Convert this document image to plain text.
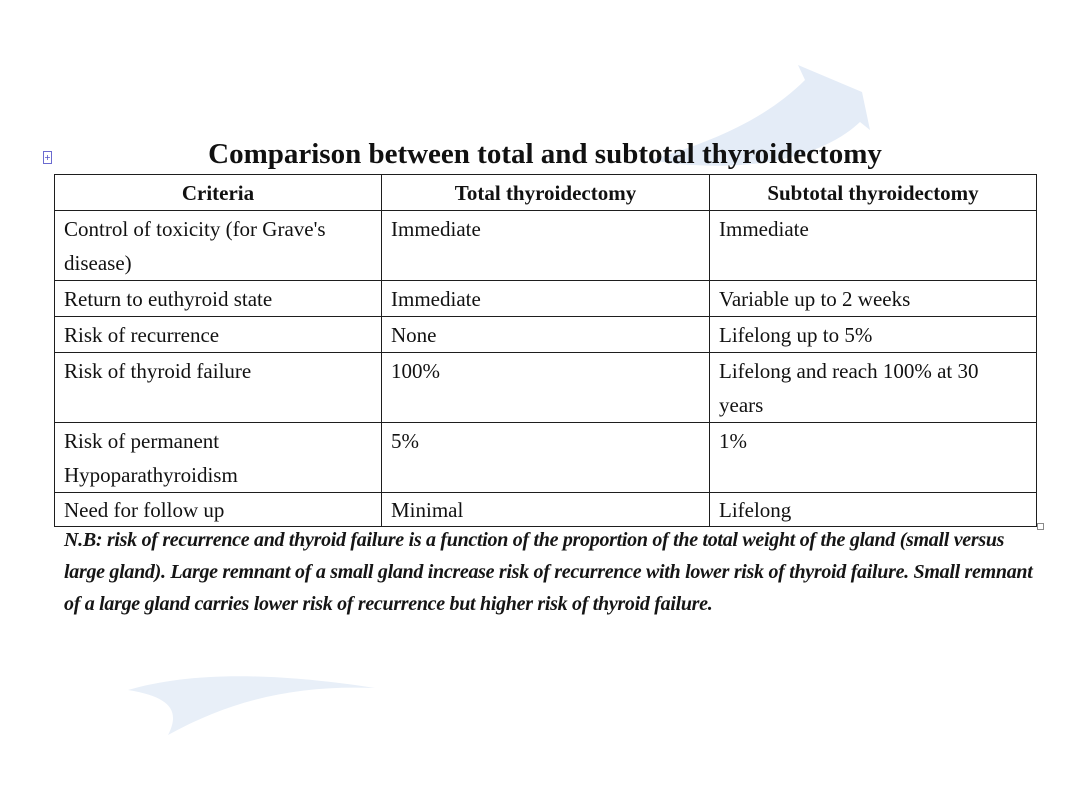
+	Comparison between total and subtotal thyroidectomy
Criteria	Total thyroidectomy	Subtotal thyroidectomy
Control of toxicity (for Grave's disease)	Immediate	Immediate
Return to euthyroid state	Immediate	Variable up to 2 weeks
Risk of recurrence	None	Lifelong up to 5%
Risk of thyroid failure	100%	Lifelong and reach 100% at 30 years
Risk of permanent Hypoparathyroidism	5%	1%
Need for follow up	Minimal	Lifelong
N.B: risk of recurrence and thyroid failure is a function of the proportion of the total weight of the gland (small versus large gland). Large remnant of a small gland increase risk of recurrence with lower risk of thyroid failure. Small remnant of a large gland carries lower risk of recurrence but higher risk of thyroid failure.
